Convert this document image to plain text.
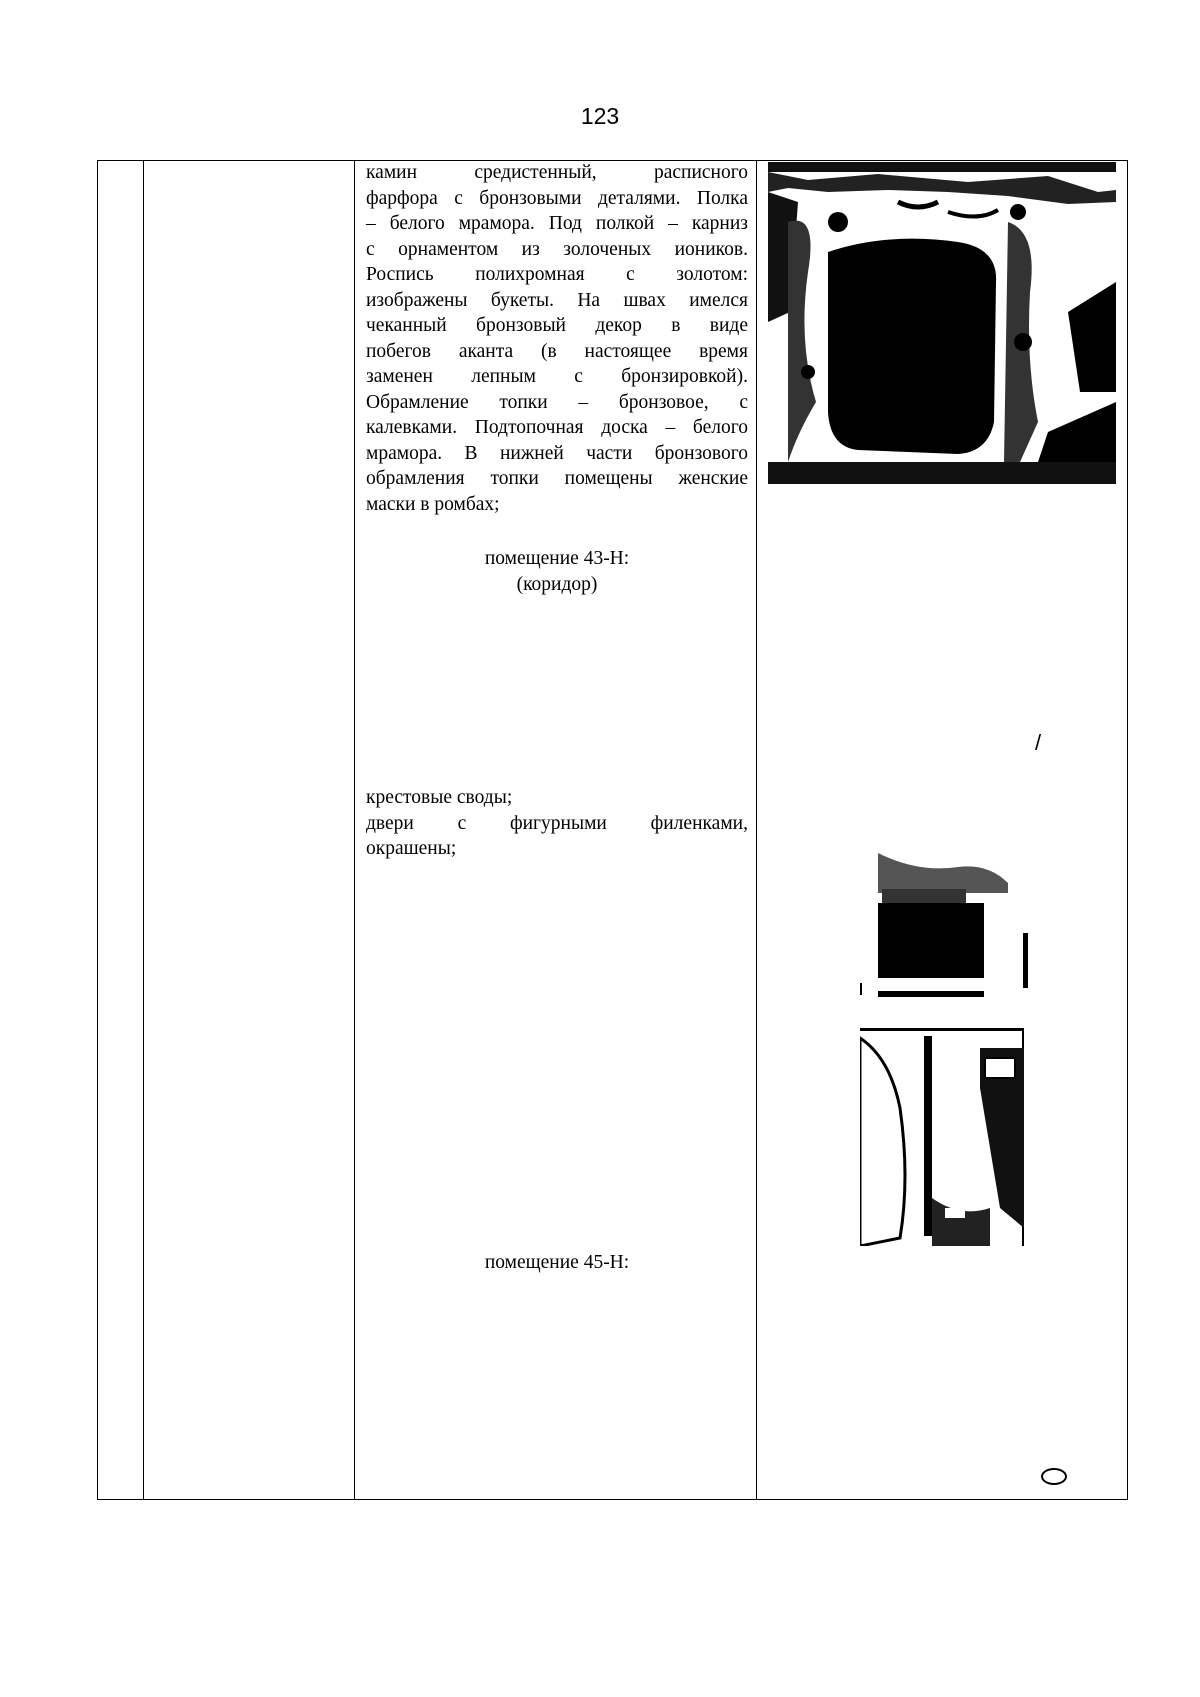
123
камин средистенный, расписного
фарфора с бронзовыми деталями. Полка
– белого мрамора. Под полкой – карниз
с орнаментом из золоченых иоников.
Роспись полихромная с золотом:
изображены букеты. На швах имелся
чеканный бронзовый декор в виде
побегов аканта (в настоящее время
заменен лепным с бронзировкой).
Обрамление топки – бронзовое, с
калевками. Подтопочная доска – белого
мрамора. В нижней части бронзового
обрамления топки помещены женские
маски в ромбах;
помещение 43-Н:
(коридор)
крестовые своды;
двери с фигурными филенками,
окрашены;
помещение 45-Н:
/
